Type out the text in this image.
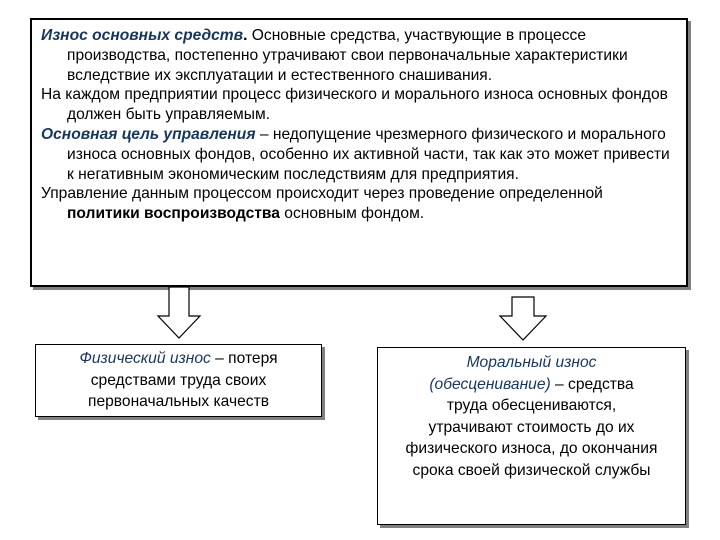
Износ основных средств. Основные средства, участвующие в процессе производства, постепенно утрачивают свои первоначальные характеристики вследствие их эксплуатации и естественного снашивания.

На каждом предприятии процесс физического и морального износа основных фондов должен быть управляемым.

Основная цель управления – недопущение чрезмерного физического и морального износа основных фондов, особенно их активной части, так как это может привести к негативным экономическим последствиям для предприятия.

Управление данным процессом происходит через проведение определенной политики воспроизводства основным фондом.

Физический износ – потеря
средствами труда своих
первоначальных качеств
Моральный износ
(обесценивание) – средства
труда обесцениваются,
утрачивают стоимость до их
физического износа, до окончания
срока своей физической службы
